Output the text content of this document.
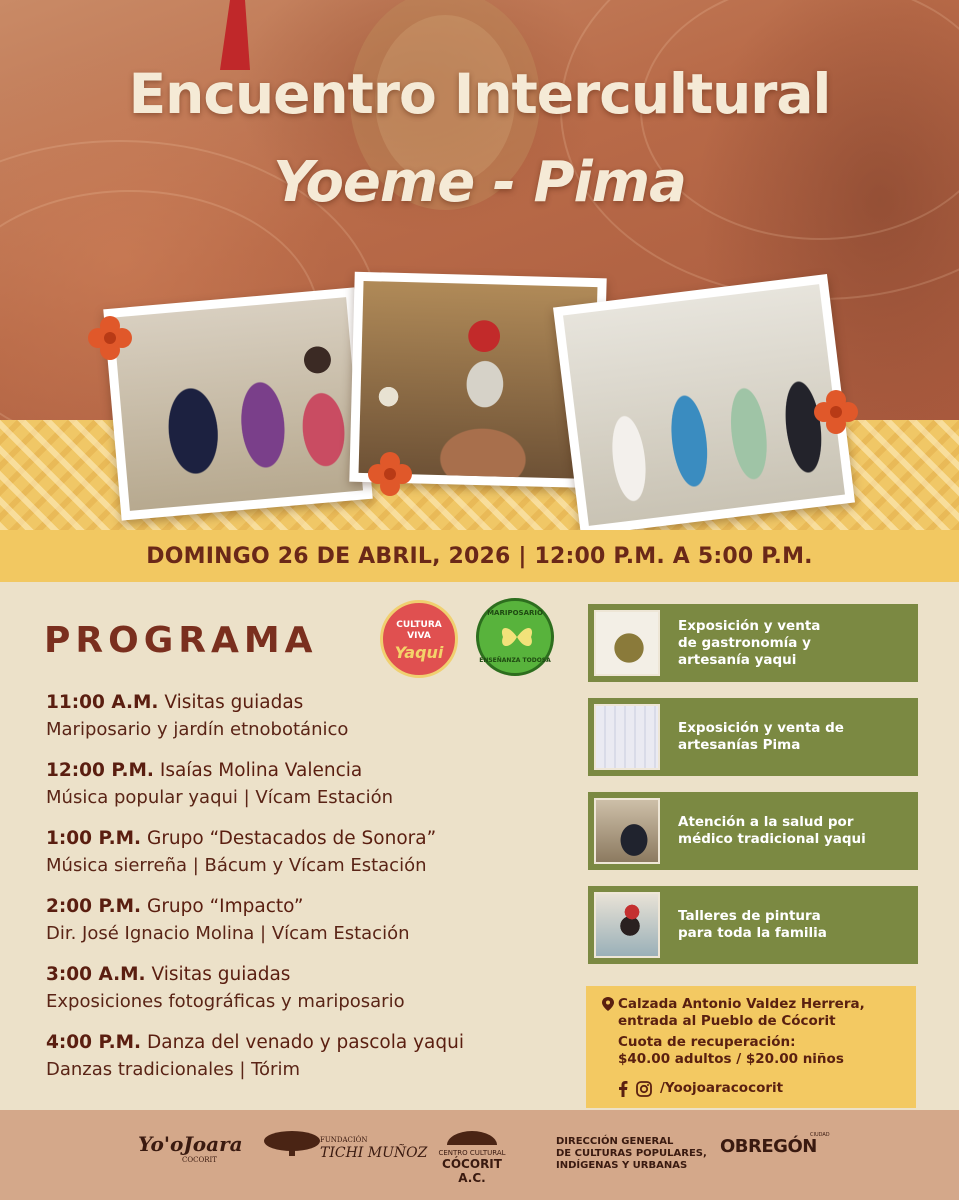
Encuentro Intercultural
Yoeme - Pima
DOMINGO 26 DE ABRIL, 2026 | 12:00 P.M. A 5:00 P.M.
PROGRAMA	CULTURA
VIVA
Yaqui
MARIPOSARIO
ENSEÑANZA TODOSA
11:00 A.M. Visitas guiadas
Mariposario y jardín etnobotánico
12:00 P.M. Isaías Molina Valencia
Música popular yaqui | Vícam Estación
1:00 P.M. Grupo “Destacados de Sonora”
Música sierreña | Bácum y Vícam Estación
2:00 P.M. Grupo “Impacto”
Dir. José Ignacio Molina | Vícam Estación
3:00 A.M. Visitas guiadas
Exposiciones fotográficas y mariposario
4:00 P.M. Danza del venado y pascola yaqui
Danzas tradicionales | Tórim
Exposición y venta
de gastronomía y
artesanía yaqui
Exposición y venta de
artesanías Pima
Atención a la salud por
médico tradicional yaqui
Talleres de pintura
para toda la familia
Calzada Antonio Valdez Herrera,
entrada al Pueblo de Cócorit
Cuota de recuperación:
$40.00 adultos / $20.00 niños
/Yoojoaracocorit
Yo'oJoara
COCORIT
FUNDACIÓN
TICHI MUÑOZ	CENTRO CULTURAL
CÓCORIT A.C.
DIRECCIÓN GENERAL
DE CULTURAS POPULARES,
INDÍGENAS Y URBANAS
CIUDAD
OBREGÓN
